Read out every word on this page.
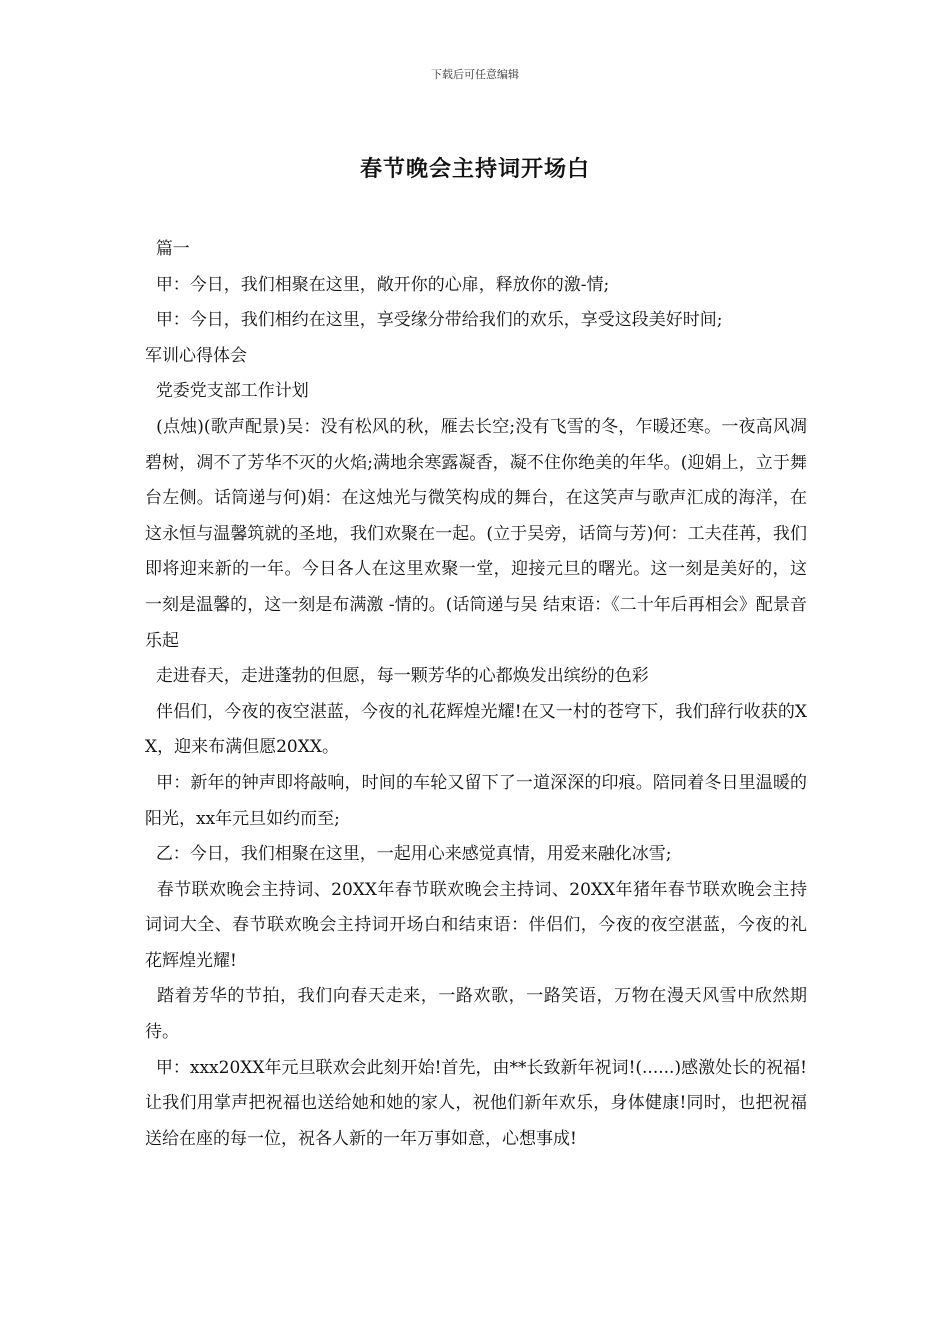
下载后可任意编辑
春节晚会主持词开场白

篇一

甲：今日，我们相聚在这里，敞开你的心扉，释放你的激-情;

甲：今日，我们相约在这里，享受缘分带给我们的欢乐，享受这段美好时间;

军训心得体会

党委党支部工作计划

(点烛)(歌声配景)吴：没有松风的秋，雁去长空;没有飞雪的冬，乍暖还寒。一夜高风凋碧树，凋不了芳华不灭的火焰;满地余寒露凝香，凝不住你绝美的年华。(迎娟上，立于舞台左侧。话筒递与何)娟：在这烛光与微笑构成的舞台，在这笑声与歌声汇成的海洋，在这永恒与温馨筑就的圣地，我们欢聚在一起。(立于吴旁，话筒与芳)何：工夫荏苒，我们即将迎来新的一年。今日各人在这里欢聚一堂，迎接元旦的曙光。这一刻是美好的，这一刻是温馨的，这一刻是布满激 -情的。(话筒递与吴 结束语：《二十年后再相会》配景音乐起

走进春天，走进蓬勃的但愿，每一颗芳华的心都焕发出缤纷的色彩

伴侣们，今夜的夜空湛蓝，今夜的礼花辉煌光耀!在又一村的苍穹下，我们辞行收获的XX，迎来布满但愿20XX。

甲：新年的钟声即将敲响，时间的车轮又留下了一道深深的印痕。陪同着冬日里温暖的阳光，xx年元旦如约而至;

乙：今日，我们相聚在这里，一起用心来感觉真情，用爱来融化冰雪;

春节联欢晚会主持词、20XX年春节联欢晚会主持词、20XX年猪年春节联欢晚会主持词词大全、春节联欢晚会主持词开场白和结束语：伴侣们，今夜的夜空湛蓝，今夜的礼花辉煌光耀!

踏着芳华的节拍，我们向春天走来，一路欢歌，一路笑语，万物在漫天风雪中欣然期待。

甲：xxx20XX年元旦联欢会此刻开始!首先，由**长致新年祝词!(......)感激处长的祝福!让我们用掌声把祝福也送给她和她的家人，祝他们新年欢乐，身体健康!同时，也把祝福送给在座的每一位，祝各人新的一年万事如意，心想事成!
